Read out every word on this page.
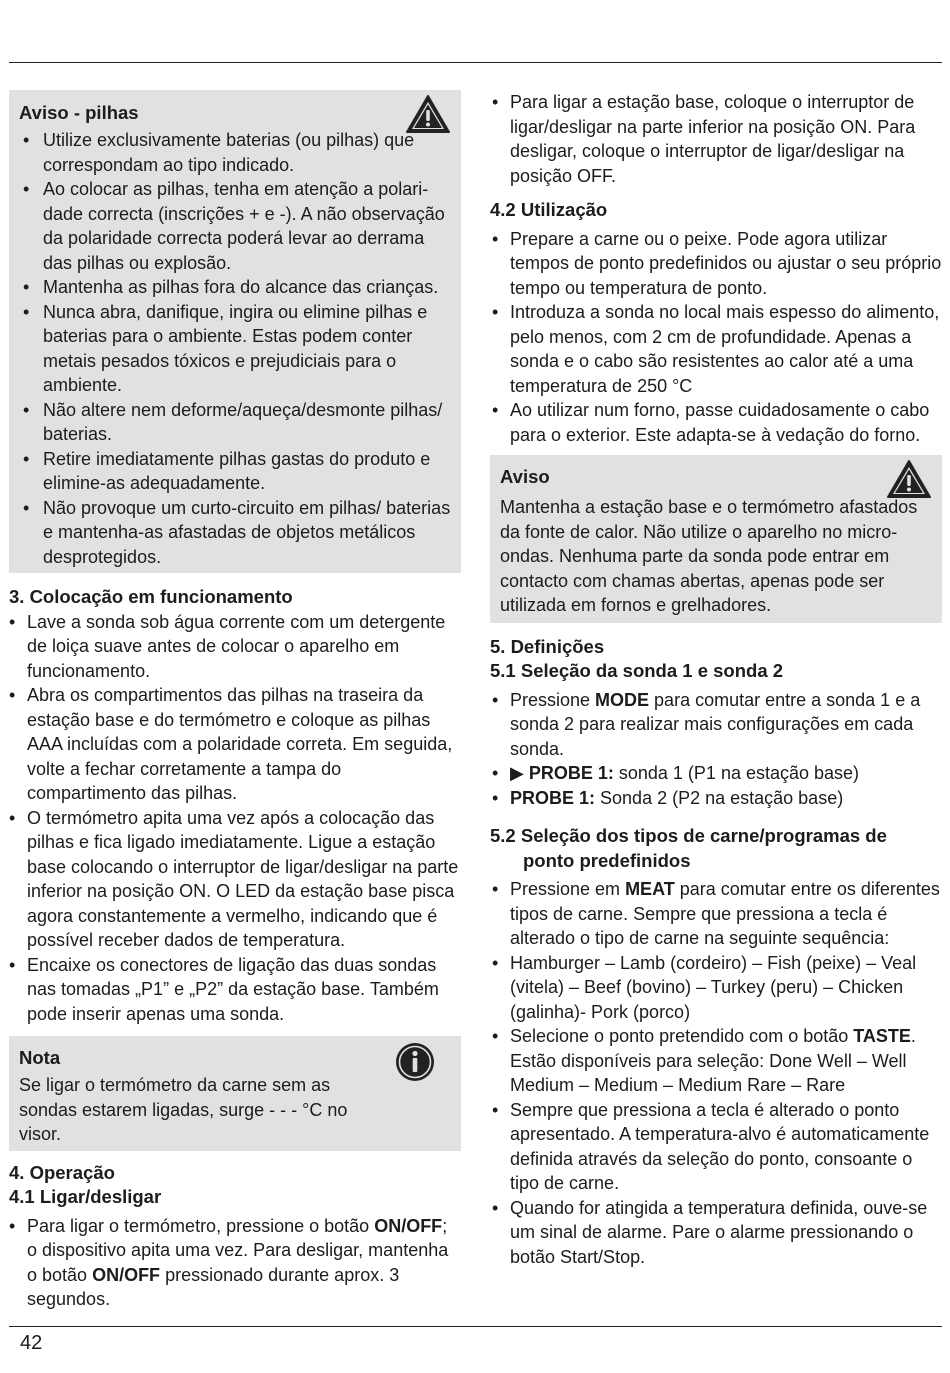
Aviso - pilhas
• Utilize exclusivamente baterias (ou pilhas) que correspondam ao tipo indicado.
• Ao colocar as pilhas, tenha em atenção a polaridade correcta (inscrições + e -). A não observação da polaridade correcta poderá levar ao derrama das pilhas ou explosão.
• Mantenha as pilhas fora do alcance das crianças.
• Nunca abra, danifique, ingira ou elimine pilhas e baterias para o ambiente. Estas podem conter metais pesados tóxicos e prejudiciais para o ambiente.
• Não altere nem deforme/aqueça/desmonte pilhas/ baterias.
• Retire imediatamente pilhas gastas do produto e elimine-as adequadamente.
• Não provoque um curto-circuito em pilhas/ baterias e mantenha-as afastadas de objetos metálicos desprotegidos.
3. Colocação em funcionamento
• Lave a sonda sob água corrente com um detergente de loiça suave antes de colocar o aparelho em funcionamento.
• Abra os compartimentos das pilhas na traseira da estação base e do termómetro e coloque as pilhas AAA incluídas com a polaridade correta. Em seguida, volte a fechar corretamente a tampa do compartimento das pilhas.
• O termómetro apita uma vez após a colocação das pilhas e fica ligado imediatamente. Ligue a estação base colocando o interruptor de ligar/desligar na parte inferior na posição ON. O LED da estação base pisca agora constantemente a vermelho, indicando que é possível receber dados de temperatura.
• Encaixe os conectores de ligação das duas sondas nas tomadas „P1” e „P2” da estação base. Também pode inserir apenas uma sonda.
Nota

Se ligar o termómetro da carne sem as sondas estarem ligadas, surge - - - °C no visor.

4. Operação
4.1 Ligar/desligar
• Para ligar o termómetro, pressione o botão ON/OFF; o dispositivo apita uma vez. Para desligar, mantenha o botão ON/OFF pressionado durante aprox. 3 segundos.
• Para ligar a estação base, coloque o interruptor de ligar/desligar na parte inferior na posição ON. Para desligar, coloque o interruptor de ligar/desligar na posição OFF.
4.2 Utilização
• Prepare a carne ou o peixe. Pode agora utilizar tempos de ponto predefinidos ou ajustar o seu próprio tempo ou temperatura de ponto.
• Introduza a sonda no local mais espesso do alimento, pelo menos, com 2 cm de profundidade. Apenas a sonda e o cabo são resistentes ao calor até a uma temperatura de 250 °C
• Ao utilizar num forno, passe cuidadosamente o cabo para o exterior. Este adapta-se à vedação do forno.
Aviso

Mantenha a estação base e o termómetro afastados da fonte de calor. Não utilize o aparelho no micro-ondas. Nenhuma parte da sonda pode entrar em contacto com chamas abertas, apenas pode ser utilizada em fornos e grelhadores.

5. Definições
5.1 Seleção da sonda 1 e sonda 2
• Pressione MODE para comutar entre a sonda 1 e a sonda 2 para realizar mais configurações em cada sonda.
• ▶ PROBE 1: sonda 1 (P1 na estação base)
• PROBE 1: Sonda 2 (P2 na estação base)
5.2 Seleção dos tipos de carne/programas de ponto predefinidos
• Pressione em MEAT para comutar entre os diferentes tipos de carne. Sempre que pressiona a tecla é alterado o tipo de carne na seguinte sequência:
• Hamburger – Lamb (cordeiro) – Fish (peixe) – Veal (vitela) – Beef (bovino) – Turkey (peru) – Chicken (galinha)- Pork (porco)
• Selecione o ponto pretendido com o botão TASTE. Estão disponíveis para seleção: Done Well – Well Medium – Medium – Medium Rare – Rare
• Sempre que pressiona a tecla é alterado o ponto apresentado. A temperatura-alvo é automaticamente definida através da seleção do ponto, consoante o tipo de carne.
• Quando for atingida a temperatura definida, ouve-se um sinal de alarme. Pare o alarme pressionando o botão Start/Stop.
42
